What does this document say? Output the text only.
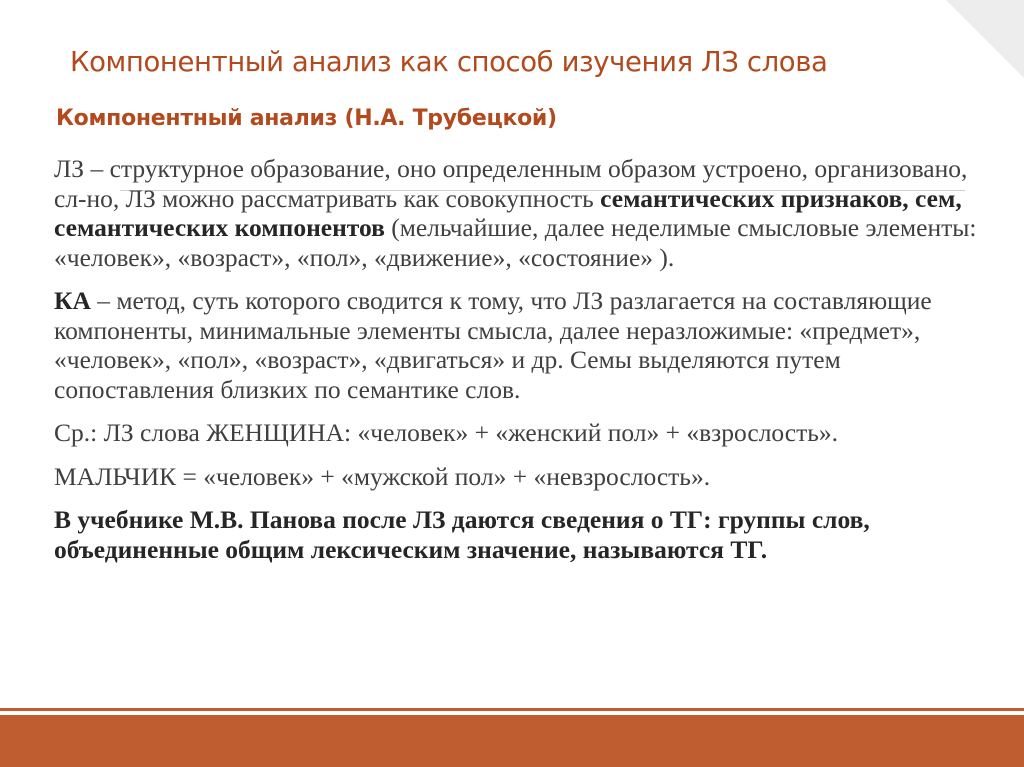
Компонентный анализ как способ изучения ЛЗ слова
Компонентный анализ (Н.А. Трубецкой)

ЛЗ – структурное образование, оно определенным образом устроено, организовано, сл-но, ЛЗ можно рассматривать как совокупность семантических признаков, сем, семантических компонентов (мельчайшие, далее неделимые смысловые элементы: «человек», «возраст», «пол», «движение», «состояние» ).

КА – метод, суть которого сводится к тому, что ЛЗ разлагается на составляющие компоненты, минимальные элементы смысла, далее неразложимые: «предмет», «человек», «пол», «возраст», «двигаться» и др. Семы выделяются путем сопоставления близких по семантике слов.

Ср.: ЛЗ слова ЖЕНЩИНА: «человек» + «женский пол» + «взрослость».

МАЛЬЧИК = «человек» + «мужской пол» + «невзрослость».

В учебнике М.В. Панова после ЛЗ даются сведения о ТГ: группы слов, объединенные общим лексическим значение, называются ТГ.
